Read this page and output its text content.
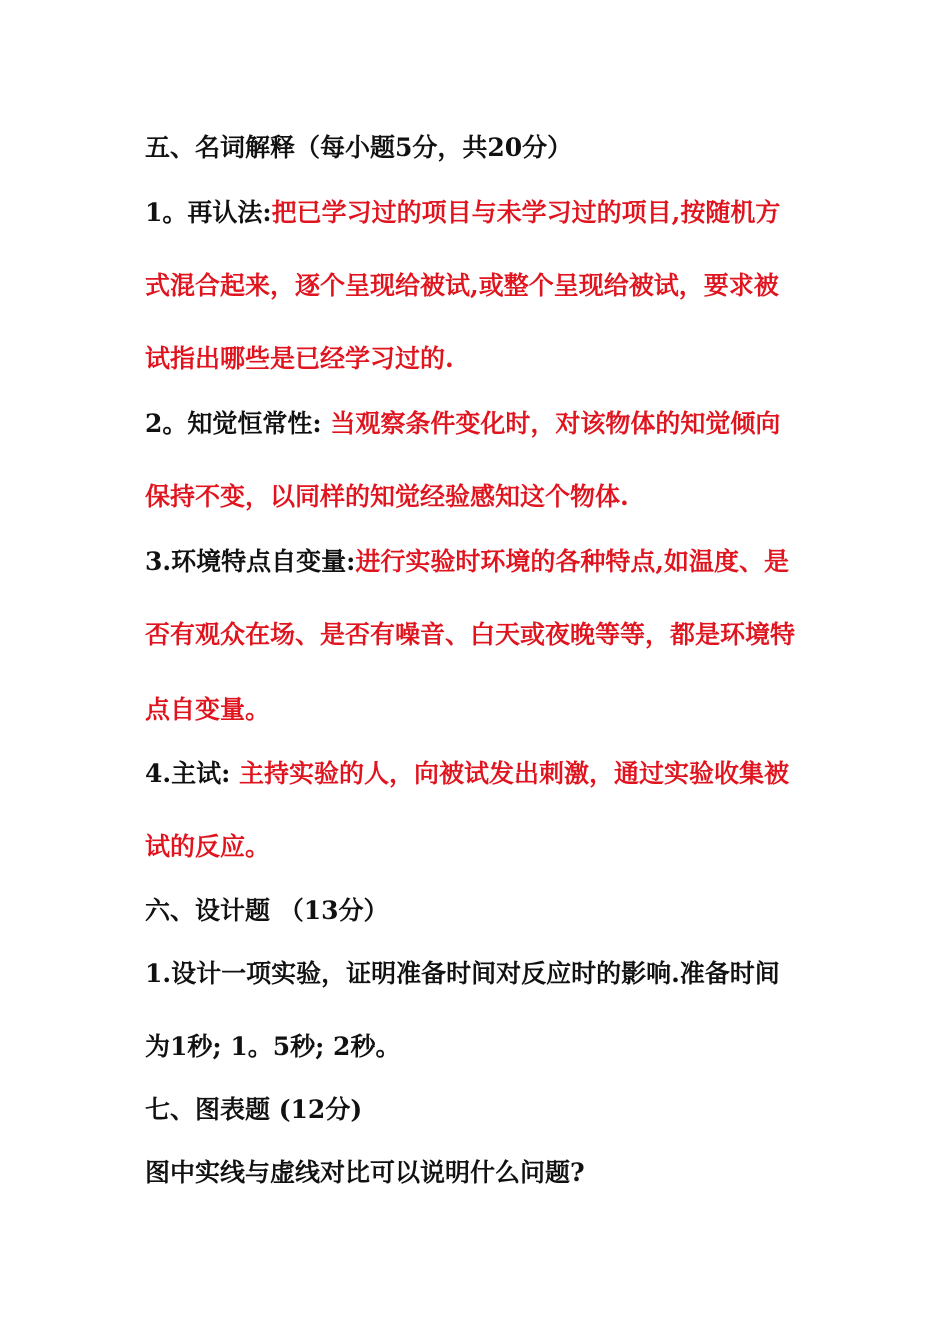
五、名词解释（每小题5分，共20分）
1。再认法:把已学习过的项目与未学习过的项目,按随机方
式混合起来，逐个呈现给被试,或整个呈现给被试，要求被
试指出哪些是已经学习过的.
2。知觉恒常性: 当观察条件变化时，对该物体的知觉倾向
保持不变，以同样的知觉经验感知这个物体.
3.环境特点自变量:进行实验时环境的各种特点,如温度、是
否有观众在场、是否有噪音、白天或夜晚等等，都是环境特
点自变量。
4.主试: 主持实验的人，向被试发出刺激，通过实验收集被
试的反应。
六、设计题 （13分）
1.设计一项实验，证明准备时间对反应时的影响.准备时间
为1秒; 1。5秒; 2秒。
七、图表题 (12分)
图中实线与虚线对比可以说明什么问题?
